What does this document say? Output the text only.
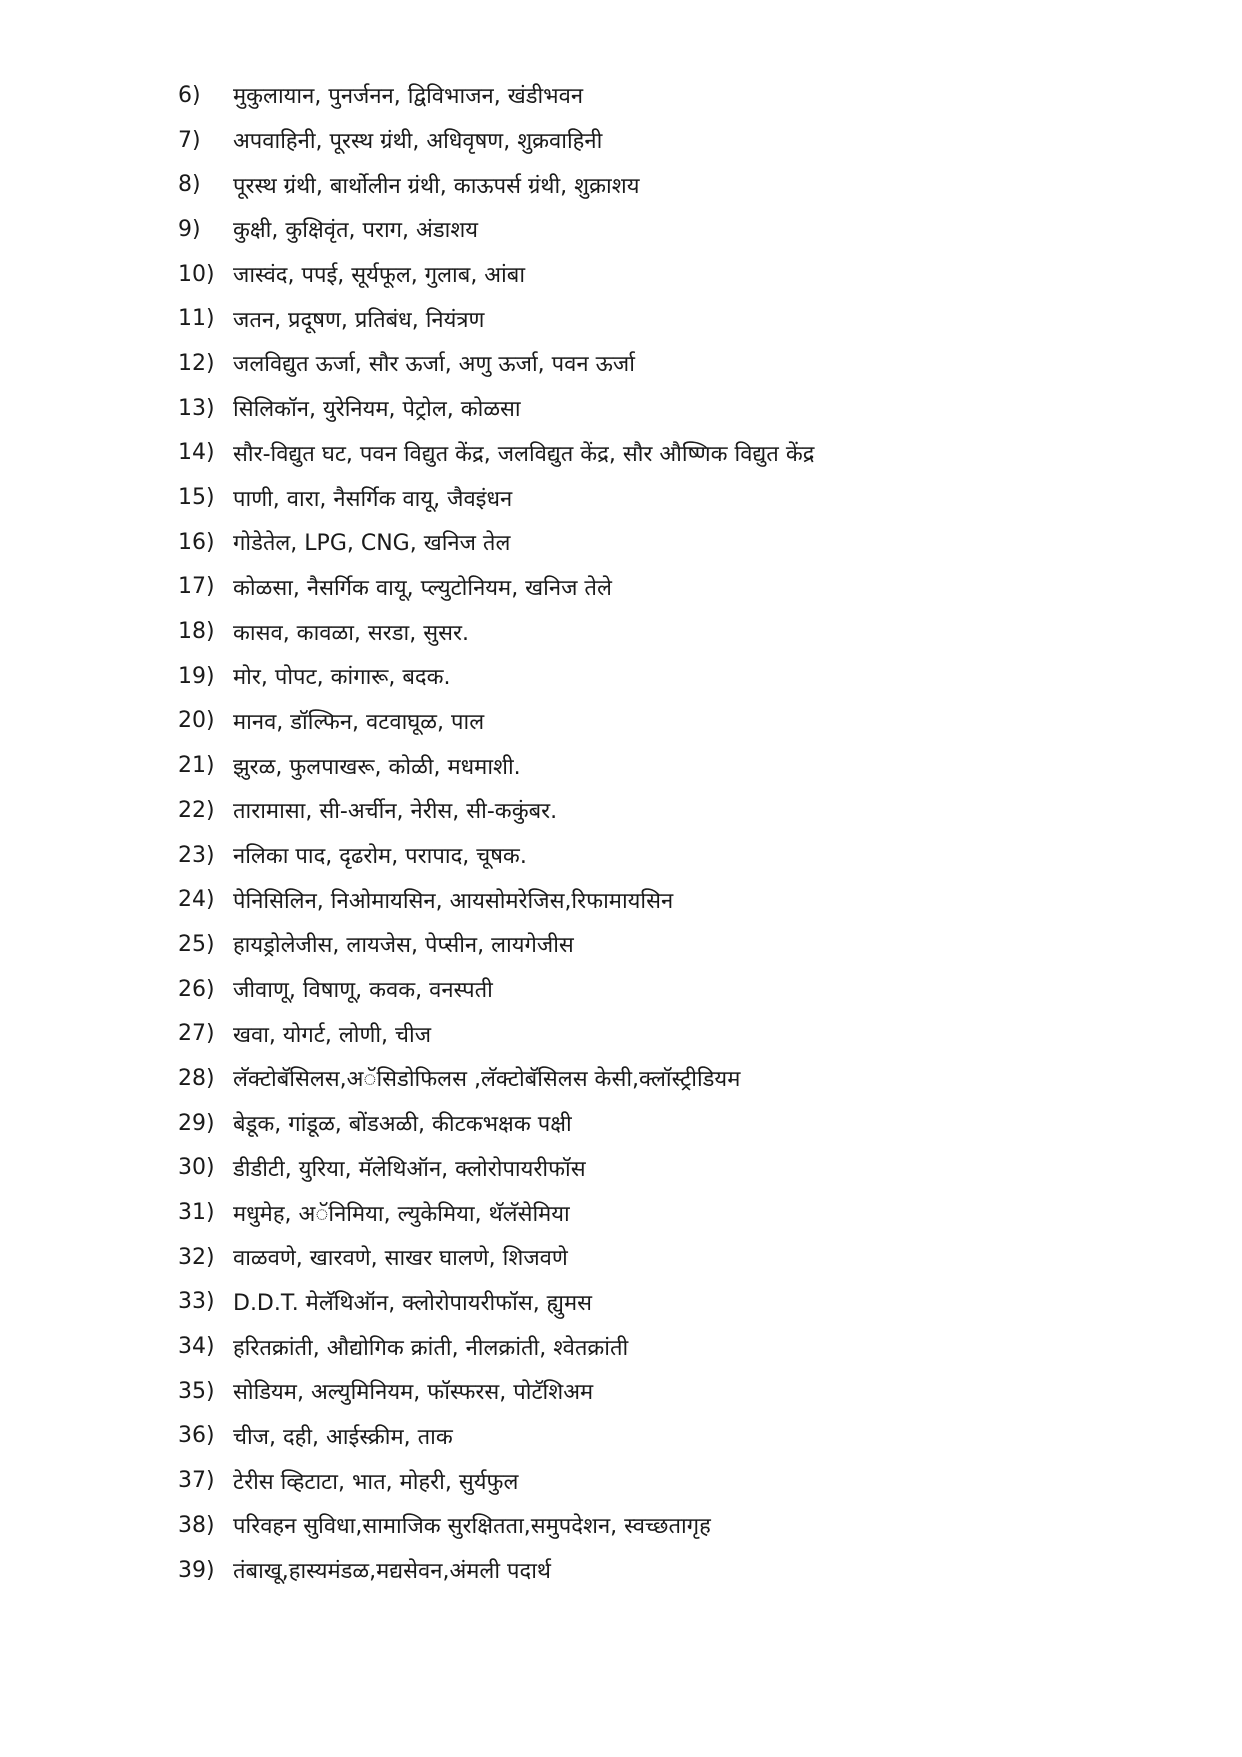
6)	मुकुलायान, पुनर्जनन, द्विविभाजन, खंडीभवन
7)	अपवाहिनी, पूरस्थ ग्रंथी, अधिवृषण, शुक्रवाहिनी
8)	पूरस्थ ग्रंथी, बार्थोलीन ग्रंथी, काऊपर्स ग्रंथी, शुक्राशय
9)	कुक्षी, कुक्षिवृंत, पराग, अंडाशय
10) जास्वंद, पपई, सूर्यफूल, गुलाब, आंबा
11) जतन, प्रदूषण, प्रतिबंध, नियंत्रण
12) जलविद्युत ऊर्जा, सौर ऊर्जा, अणु ऊर्जा, पवन ऊर्जा
13) सिलिकॉन, युरेनियम, पेट्रोल, कोळसा
14) सौर-विद्युत घट, पवन विद्युत केंद्र, जलविद्युत केंद्र, सौर औष्णिक विद्युत केंद्र
15) पाणी, वारा, नैसर्गिक वायू, जैवइंधन
16) गोडेतेल, LPG, CNG, खनिज तेल
17) कोळसा, नैसर्गिक वायू, प्ल्युटोनियम, खनिज तेले
18) कासव, कावळा, सरडा, सुसर.
19) मोर, पोपट, कांगारू, बदक.
20) मानव, डॉल्फिन, वटवाघूळ, पाल
21) झुरळ, फुलपाखरू, कोळी, मधमाशी.
22) तारामासा, सी-अर्चीन, नेरीस, सी-ककुंबर.
23) नलिका पाद, दृढरोम, परापाद, चूषक.
24) पेनिसिलिन, निओमायसिन, आयसोमरेजिस,रिफामायसिन
25) हायड्रोलेजीस, लायजेस, पेप्सीन, लायगेजीस
26) जीवाणू, विषाणू, कवक, वनस्पती
27) खवा, योगर्ट, लोणी, चीज
28) लॅक्टोबॅसिलस,अॅसिडोफिलस ,लॅक्टोबॅसिलस केसी,क्लॉस्ट्रीडियम
29) बेडूक, गांडूळ, बोंडअळी, कीटकभक्षक पक्षी
30) डीडीटी, युरिया, मॅलेथिऑन, क्लोरोपायरीफॉस
31) मधुमेह, अॅनिमिया, ल्युकेमिया, थॅलॅसेमिया
32) वाळवणे, खारवणे, साखर घालणे, शिजवणे
33) D.D.T. मेलॅथिऑन, क्लोरोपायरीफॉस, ह्युमस
34) हरितक्रांती, औद्योगिक क्रांती, नीलक्रांती, श्वेतक्रांती
35) सोडियम, अल्युमिनियम, फॉस्फरस, पोटॅशिअम
36) चीज, दही, आईस्क्रीम, ताक
37) टेरीस व्हिटाटा, भात, मोहरी, सुर्यफुल
38) परिवहन सुविधा,सामाजिक सुरक्षितता,समुपदेशन, स्वच्छतागृह
39) तंबाखू,हास्यमंडळ,मद्यसेवन,अंमली पदार्थ
